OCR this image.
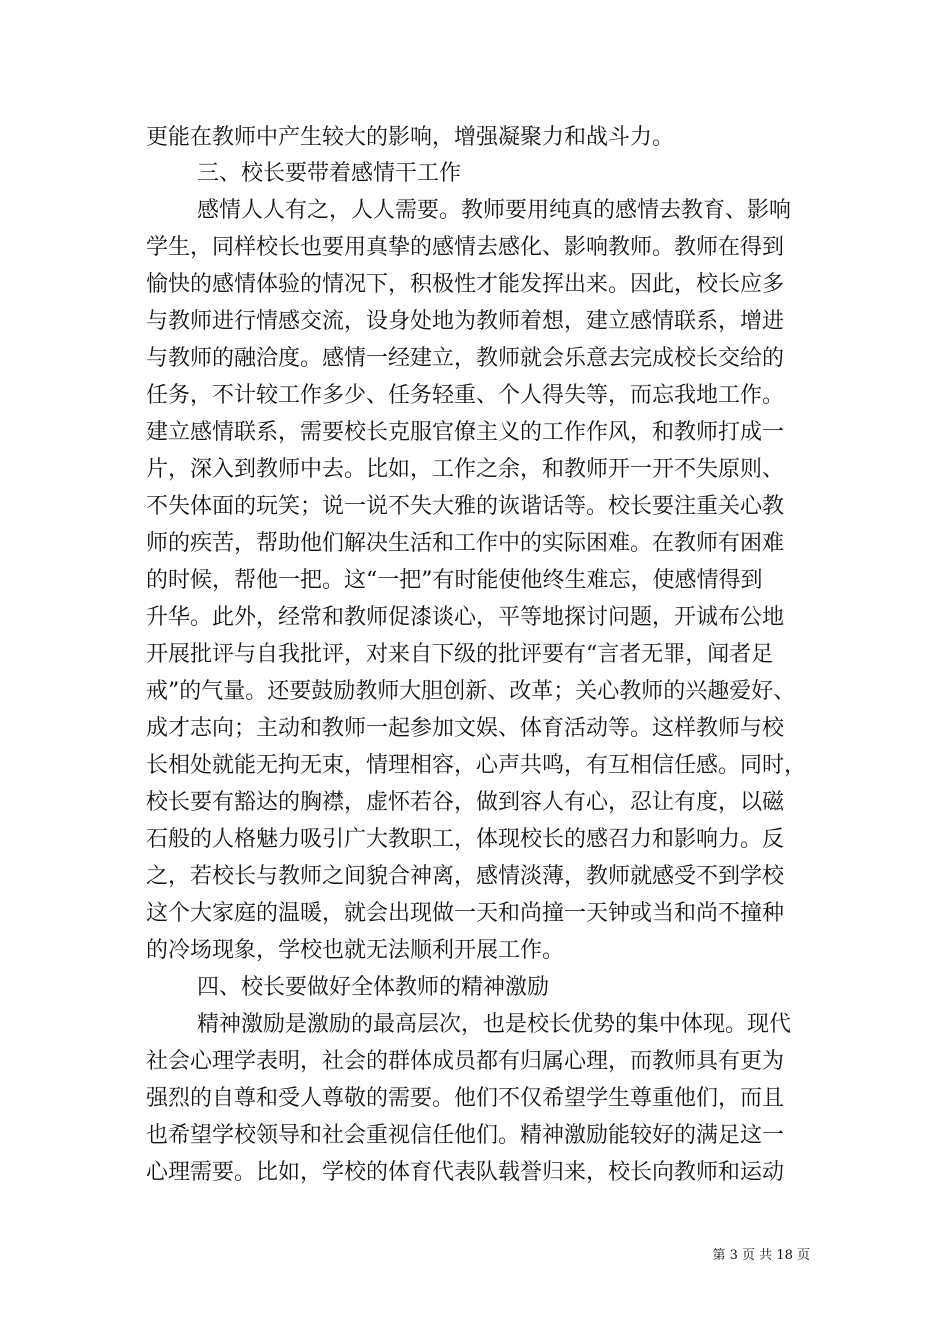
更能在教师中产生较大的影响，增强凝聚力和战斗力。
三、校长要带着感情干工作
感情人人有之，人人需要。教师要用纯真的感情去教育、影响
学生，同样校长也要用真挚的感情去感化、影响教师。教师在得到
愉快的感情体验的情况下，积极性才能发挥出来。因此，校长应多
与教师进行情感交流，设身处地为教师着想，建立感情联系，增进
与教师的融洽度。感情一经建立，教师就会乐意去完成校长交给的
任务，不计较工作多少、任务轻重、个人得失等，而忘我地工作。
建立感情联系，需要校长克服官僚主义的工作作风，和教师打成一
片，深入到教师中去。比如，工作之余，和教师开一开不失原则、
不失体面的玩笑；说一说不失大雅的诙谐话等。校长要注重关心教
师的疾苦，帮助他们解决生活和工作中的实际困难。在教师有困难
的时候，帮他一把。这“一把”有时能使他终生难忘，使感情得到
升华。此外，经常和教师促漆谈心，平等地探讨问题，开诚布公地
开展批评与自我批评，对来自下级的批评要有“言者无罪，闻者足
戒”的气量。还要鼓励教师大胆创新、改革；关心教师的兴趣爱好、
成才志向；主动和教师一起参加文娱、体育活动等。这样教师与校
长相处就能无拘无束，情理相容，心声共鸣，有互相信任感。同时，
校长要有豁达的胸襟，虚怀若谷，做到容人有心，忍让有度，以磁
石般的人格魅力吸引广大教职工，体现校长的感召力和影响力。反
之，若校长与教师之间貌合神离，感情淡薄，教师就感受不到学校
这个大家庭的温暖，就会出现做一天和尚撞一天钟或当和尚不撞种
的冷场现象，学校也就无法顺利开展工作。
四、校长要做好全体教师的精神激励
精神激励是激励的最高层次，也是校长优势的集中体现。现代
社会心理学表明，社会的群体成员都有归属心理，而教师具有更为
强烈的自尊和受人尊敬的需要。他们不仅希望学生尊重他们，而且
也希望学校领导和社会重视信任他们。精神激励能较好的满足这一
心理需要。比如，学校的体育代表队载誉归来，校长向教师和运动
第 3 页 共 18 页
